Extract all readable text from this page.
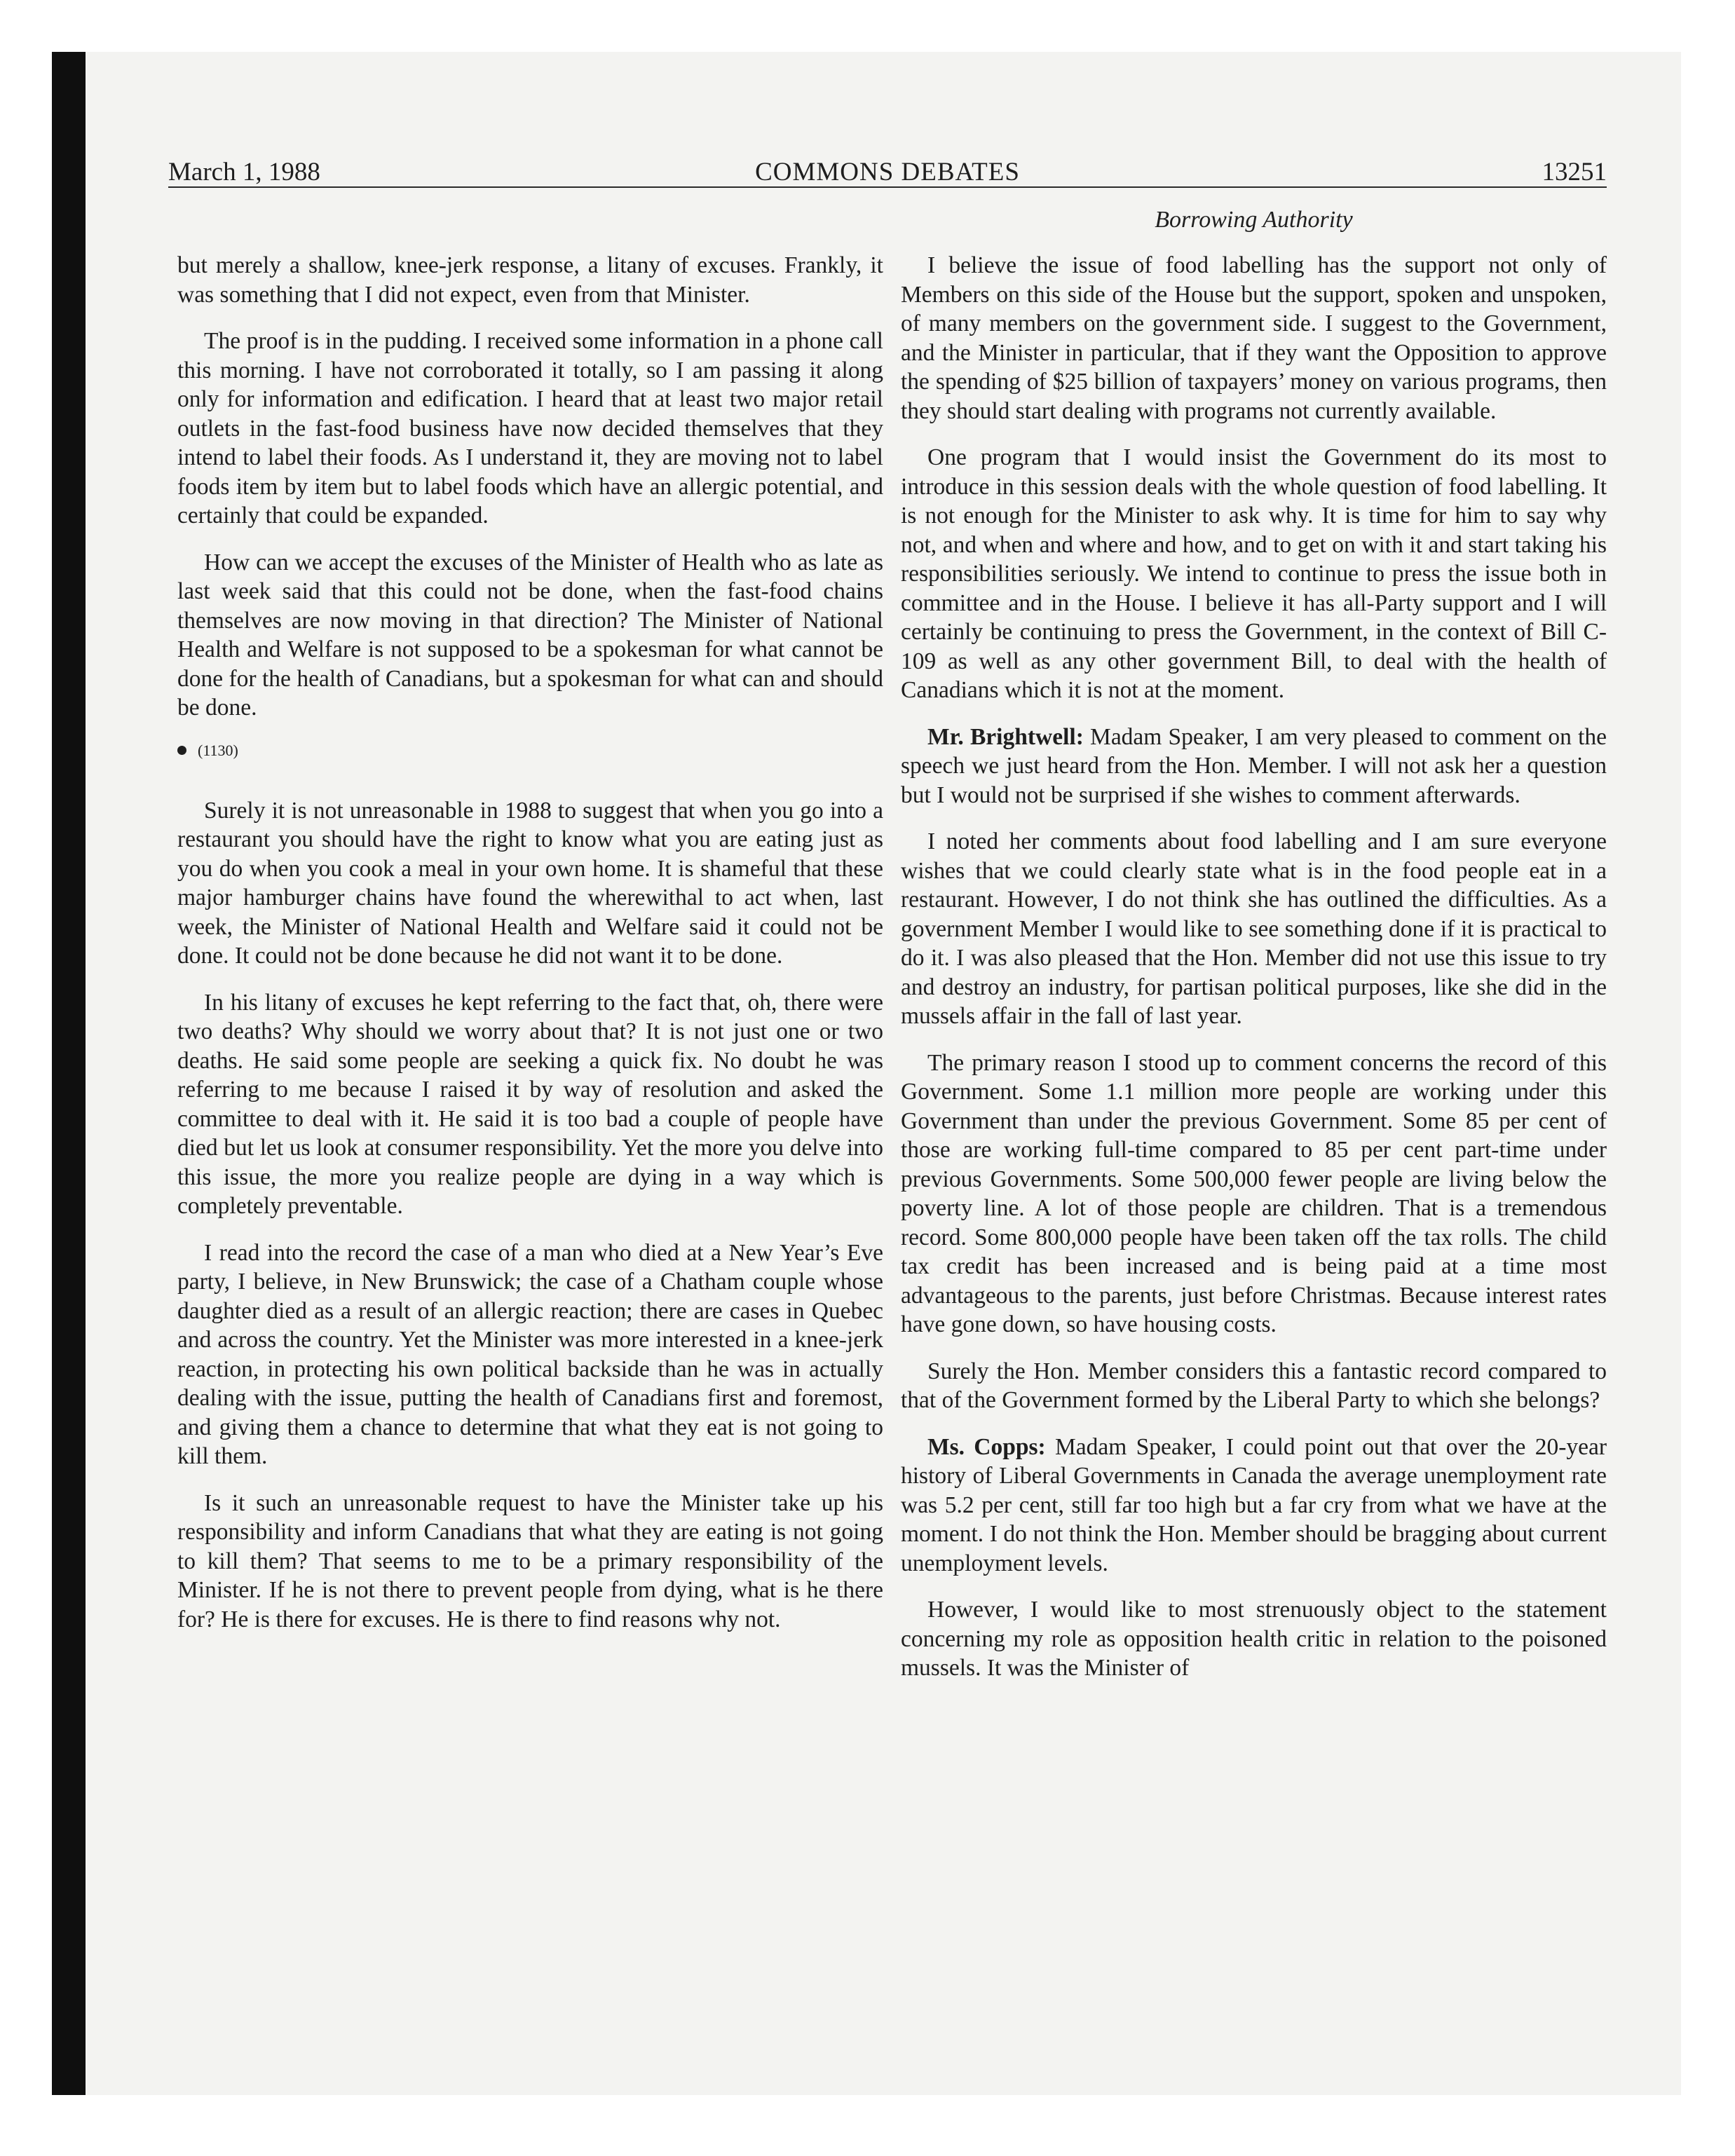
March 1, 1988	COMMONS DEBATES	13251
Borrowing Authority

but merely a shallow, knee-jerk response, a litany of excuses. Frankly, it was something that I did not expect, even from that Minister.

The proof is in the pudding. I received some information in a phone call this morning. I have not corroborated it totally, so I am passing it along only for information and edification. I heard that at least two major retail outlets in the fast-food business have now decided themselves that they intend to label their foods. As I understand it, they are moving not to label foods item by item but to label foods which have an allergic potential, and certainly that could be expanded.

How can we accept the excuses of the Minister of Health who as late as last week said that this could not be done, when the fast-food chains themselves are now moving in that direction? The Minister of National Health and Welfare is not supposed to be a spokesman for what cannot be done for the health of Canadians, but a spokesman for what can and should be done.

(1130)

Surely it is not unreasonable in 1988 to suggest that when you go into a restaurant you should have the right to know what you are eating just as you do when you cook a meal in your own home. It is shameful that these major hamburger chains have found the wherewithal to act when, last week, the Minister of National Health and Welfare said it could not be done. It could not be done because he did not want it to be done.

In his litany of excuses he kept referring to the fact that, oh, there were two deaths? Why should we worry about that? It is not just one or two deaths. He said some people are seeking a quick fix. No doubt he was referring to me because I raised it by way of resolution and asked the committee to deal with it. He said it is too bad a couple of people have died but let us look at consumer responsibility. Yet the more you delve into this issue, the more you realize people are dying in a way which is completely preventable.

I read into the record the case of a man who died at a New Year’s Eve party, I believe, in New Brunswick; the case of a Chatham couple whose daughter died as a result of an allergic reaction; there are cases in Quebec and across the country. Yet the Minister was more interested in a knee-jerk reaction, in protecting his own political backside than he was in actually dealing with the issue, putting the health of Canadians first and foremost, and giving them a chance to determine that what they eat is not going to kill them.

Is it such an unreasonable request to have the Minister take up his responsibility and inform Canadians that what they are eating is not going to kill them? That seems to me to be a primary responsibility of the Minister. If he is not there to prevent people from dying, what is he there for? He is there for excuses. He is there to find reasons why not.

I believe the issue of food labelling has the support not only of Members on this side of the House but the support, spoken and unspoken, of many members on the government side. I suggest to the Government, and the Minister in particular, that if they want the Opposition to approve the spending of $25 billion of taxpayers’ money on various programs, then they should start dealing with programs not currently available.

One program that I would insist the Government do its most to introduce in this session deals with the whole question of food labelling. It is not enough for the Minister to ask why. It is time for him to say why not, and when and where and how, and to get on with it and start taking his responsibilities seriously. We intend to continue to press the issue both in committee and in the House. I believe it has all-Party support and I will certainly be continuing to press the Government, in the context of Bill C-109 as well as any other government Bill, to deal with the health of Canadians which it is not at the moment.

Mr. Brightwell: Madam Speaker, I am very pleased to comment on the speech we just heard from the Hon. Member. I will not ask her a question but I would not be surprised if she wishes to comment afterwards.

I noted her comments about food labelling and I am sure everyone wishes that we could clearly state what is in the food people eat in a restaurant. However, I do not think she has outlined the difficulties. As a government Member I would like to see something done if it is practical to do it. I was also pleased that the Hon. Member did not use this issue to try and destroy an industry, for partisan political purposes, like she did in the mussels affair in the fall of last year.

The primary reason I stood up to comment concerns the record of this Government. Some 1.1 million more people are working under this Government than under the previous Government. Some 85 per cent of those are working full-time compared to 85 per cent part-time under previous Governments. Some 500,000 fewer people are living below the poverty line. A lot of those people are children. That is a tremendous record. Some 800,000 people have been taken off the tax rolls. The child tax credit has been increased and is being paid at a time most advantageous to the parents, just before Christmas. Because interest rates have gone down, so have housing costs.

Surely the Hon. Member considers this a fantastic record compared to that of the Government formed by the Liberal Party to which she belongs?

Ms. Copps: Madam Speaker, I could point out that over the 20-year history of Liberal Governments in Canada the average unemployment rate was 5.2 per cent, still far too high but a far cry from what we have at the moment. I do not think the Hon. Member should be bragging about current unemployment levels.

However, I would like to most strenuously object to the statement concerning my role as opposition health critic in relation to the poisoned mussels. It was the Minister of
